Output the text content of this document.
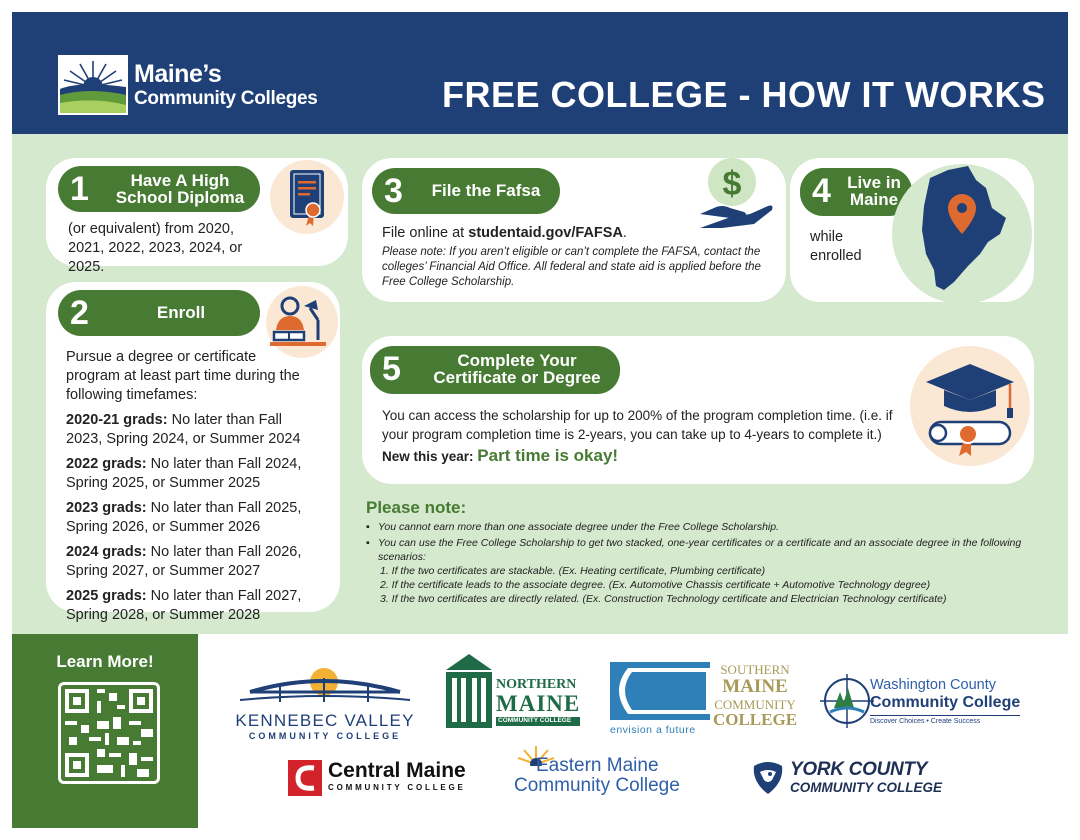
Maine’s
Community Colleges	FREE COLLEGE - HOW IT WORKS
1	Have A High
School Diploma
(or equivalent) from 2020, 2021, 2022, 2023, 2024, or 2025.
2	Enroll
Pursue a degree or certificate program at least part time during the following timefames:
2020-21 grads: No later than Fall 2023, Spring 2024, or Summer 2024
2022 grads: No later than Fall 2024, Spring 2025, or Summer 2025
2023 grads: No later than Fall 2025, Spring 2026, or Summer 2026
2024 grads: No later than Fall 2026, Spring 2027, or Summer 2027
2025 grads: No later than Fall 2027, Spring 2028, or Summer 2028
3	File the Fafsa	$
File online at studentaid.gov/FAFSA.
Please note: If you aren’t eligible or can’t complete the FAFSA, contact the colleges’ Financial Aid Office. All federal and state aid is applied before the Free College Scholarship.
4 Live in
Maine
while
enrolled
5	Complete Your
Certificate or Degree
You can access the scholarship for up to 200% of the program completion time. (i.e. if your program completion time is 2-years, you can take up to 4-years to complete it.)
New this year: Part time is okay!
Please note:
▪ You cannot earn more than one associate degree under the Free College Scholarship.
▪ You can use the Free College Scholarship to get two stacked, one-year certificates or a certificate and an associate degree in the following scenarios:
1. If the two certificates are stackable. (Ex. Heating certificate, Plumbing certificate)
2. If the certificate leads to the associate degree. (Ex. Automotive Chassis certificate + Automotive Technology degree)
3. If the two certificates are directly related. (Ex. Construction Technology certificate and Electrician Technology certificate)
Learn More!
KENNEBEC VALLEY
COMMUNITY COLLEGE
NORTHERN
MAINE
COMMUNITY COLLEGE
envision a future
SOUTHERN
MAINE
COMMUNITY
COLLEGE
Washington County
Community College
Discover Choices • Create Success
Central Maine
COMMUNITY COLLEGE
Eastern Maine
Community College
YORK COUNTY
COMMUNITY COLLEGE
